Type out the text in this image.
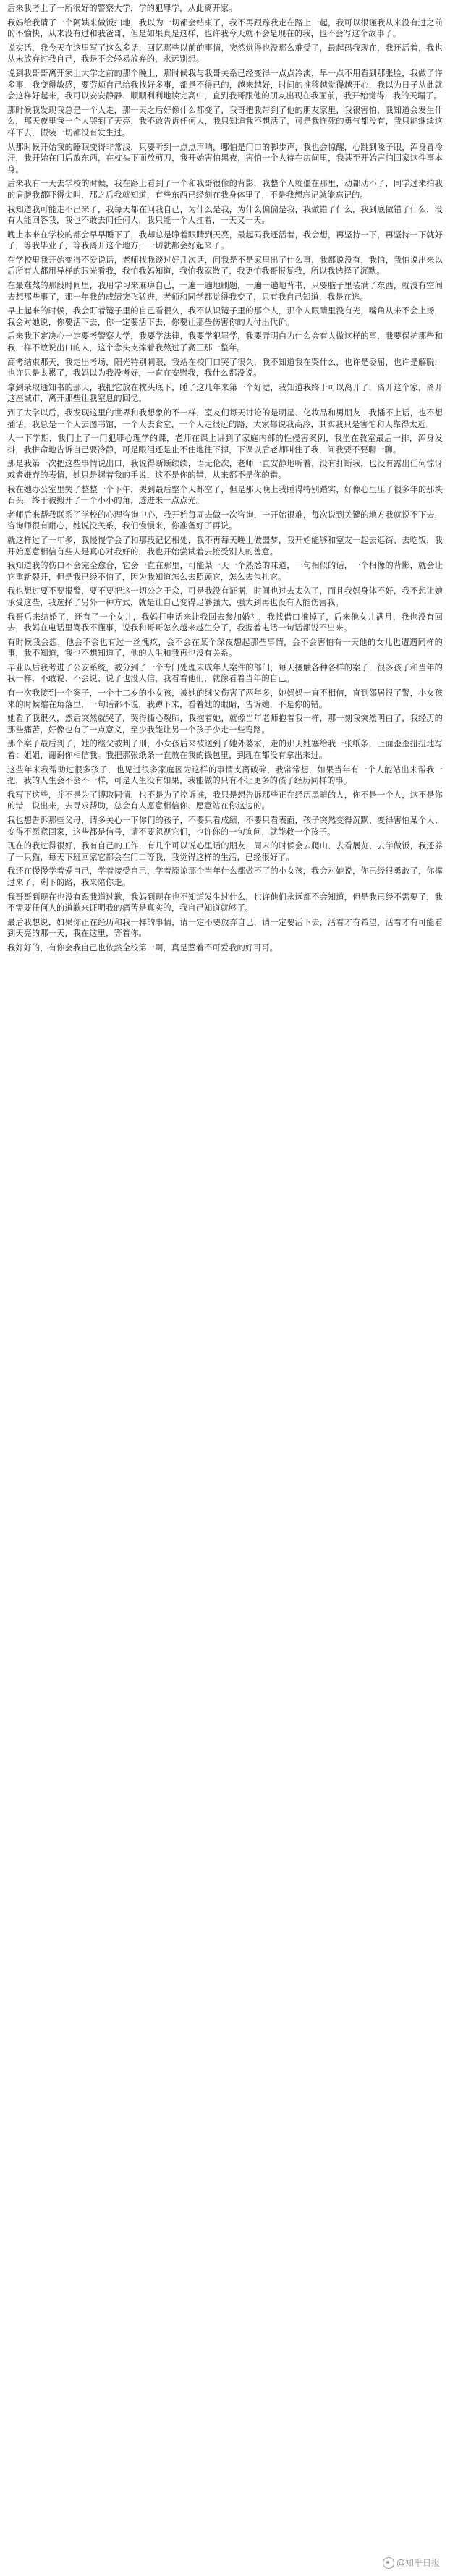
后来我考上了一所很好的警察大学，学的犯罪学，从此离开家。

我妈给我请了一个阿姨来做饭扫地，我以为一切都会结束了，我不再跟踪我走在路上一起，我可以很谨我从来没有过之前的不愉快，从来没有过和我爸哥，但是如果真是这样，也许我今天就不会是现在的我，也不会写这个故事了。

说实话，我今天在这里写了这么多话，回忆那些以前的事情，突然觉得也没那么难受了，最起码我现在，我还活着，我也从未放弃过我自己，我是不会轻易放弃的，永远别想。

说到我哥哥离开家上大学之前的那个晚上，那时候我与我哥关系已经变得一点点冷淡，早一点不用看到那张脸，我做了许多事，我变得敏感，要劳烦自己给我找好多事，都是不得已的，越来越好，时间的推移越觉得越开心，我以为日子从此就会这样好起来，我可以安安静静、顺顺利利地读完高中，直到我哥跟他的朋友出现在我面前，我开始觉得，我的天塌了。

那时候我发现我总是一个人走，那一天之后好像什么都变了，我哥把我带到了他的朋友家里，我很害怕，我知道会发生什么，那天夜里我一个人哭到了天亮，我不敢告诉任何人，我只知道我不想活了，可是我连死的勇气都没有，我只能继续这样下去，假装一切都没有发生过。

从那时候开始我的睡眠变得非常浅，只要听到一点点声响，哪怕是门口的脚步声，我也会惊醒，心跳到嗓子眼，浑身冒冷汗，我开始在门后放东西，在枕头下面放剪刀，我开始害怕黑夜，害怕一个人待在房间里，我甚至开始害怕回家这件事本身。

后来我有一天去学校的时候，我在路上看到了一个和我哥很像的背影，我整个人就僵在那里，动都动不了，同学过来拍我的肩膀我都吓得尖叫，那之后我就知道，有些东西已经刻在我身体里了，不是我想忘记就能忘记的。

我知道我可能走不出来了，我每天都在问我自己，为什么是我，为什么偏偏是我，我做错了什么，我到底做错了什么，没有人能回答我，我也不敢去问任何人，我只能一个人扛着，一天又一天。

晚上本来在学校的都会早早睡下了，我却总是睁着眼睛到天亮，最起码我还活着，我会想，再坚持一下，再坚持一下就好了，等我毕业了，等我离开这个地方，一切就都会好起来了。

在学校里我开始变得不爱说话，老师找我谈过好几次话，问我是不是家里出了什么事，我都说没有，我怕，我怕说出来以后所有人都用异样的眼光看我，我怕我妈知道，我怕我家散了，我更怕我哥报复我，所以我选择了沉默。

在最难熬的那段时间里，我用学习来麻痹自己，一遍一遍地刷题，一遍一遍地背书，只要脑子里装满了东西，就没有空间去想那些事了，那一年我的成绩突飞猛进，老师和同学都觉得我变了，只有我自己知道，我是在逃。

早上起来的时候，我会盯着镜子里的自己看很久，我不认识镜子里的那个人，那个人眼睛里没有光，嘴角从来不会上扬，我会对她说，你要活下去，你一定要活下去，你要让那些伤害你的人付出代价。

后来我下定决心一定要考警察大学，我要学法律，我要学犯罪学，我要弄明白为什么会有人做这样的事，我要保护那些和我一样不敢说出口的人，这个念头支撑着我熬过了高三那一整年。

高考结束那天，我走出考场，阳光特别刺眼，我站在校门口哭了很久，我不知道我在哭什么，也许是委屈，也许是解脱，也许只是太累了，我妈以为我没考好，一直在安慰我，我什么都没说。

拿到录取通知书的那天，我把它放在枕头底下，睡了这几年来第一个好觉，我知道我终于可以离开了，离开这个家，离开这座城市，离开那些让我窒息的回忆。

到了大学以后，我发现这里的世界和我想象的不一样，室友们每天讨论的是明星、化妆品和男朋友，我插不上话，也不想插话，我总是一个人去图书馆，一个人去食堂，一个人走很远的路，大家都说我高冷，其实我只是害怕和人靠得太近。

大一下学期，我们上了一门犯罪心理学的课，老师在课上讲到了家庭内部的性侵害案例，我坐在教室最后一排，浑身发抖，我拼命地告诉自己要冷静，可是眼泪还是止不住地往下掉，下课以后老师叫住了我，问我要不要聊一聊。

那是我第一次把这些事情说出口，我说得断断续续，语无伦次，老师一直安静地听着，没有打断我，也没有露出任何惊讶或者嫌弃的表情，她只是握着我的手说，这不是你的错，从来都不是你的错。

我在她办公室里哭了整整一个下午，哭到最后整个人都空了，但是那天晚上我睡得特别踏实，好像心里压了很多年的那块石头，终于被搬开了一个小小的角，透进来一点点光。

老师后来帮我联系了学校的心理咨询中心，我开始每周去做一次咨询，一开始很难，每次说到关键的地方我就说不下去，咨询师很有耐心，她说没关系，我们慢慢来，你准备好了再说。

就这样过了一年多，我慢慢学会了和那段记忆相处，我不再每天晚上做噩梦，我开始能够和室友一起去逛街、去吃饭，我开始愿意相信有些人是真心对我好的，我也开始尝试着去接受别人的善意。

我知道我的伤口不会完全愈合，它会一直在那里，可能某一天一个熟悉的味道，一句相似的话，一个相像的背影，就会让它重新裂开，但是我已经不怕了，因为我知道怎么去照顾它，怎么去包扎它。

我也想过要不要报警，要不要把这一切公之于众，可是我没有证据，时间也过去太久了，而且我妈身体不好，我不想让她承受这些，我选择了另外一种方式，就是让自己变得足够强大，强大到再也没有人能伤害我。

我哥后来结婚了，还有了一个女儿，我妈打电话来让我回去参加婚礼，我找借口推掉了，后来他女儿满月，我也没有回去，我妈在电话里骂我不懂事，说我和哥哥怎么越来越生分了，我握着电话一句话都说不出来。

有时候我会想，他会不会也有过一丝愧疚，会不会在某个深夜想起那些事情，会不会害怕有一天他的女儿也遭遇同样的事，我不知道，我也不想知道了，他的人生和我再也没有关系。

毕业以后我考进了公安系统，被分到了一个专门处理未成年人案件的部门，每天接触各种各样的案子，很多孩子和当年的我一样，不敢说、不会说、说了也没人信，我看着他们，就像看着当年的自己。

有一次我接到一个案子，一个十二岁的小女孩，被她的继父伤害了两年多，她妈妈一直不相信，直到邻居报了警，小女孩来的时候缩在角落里，一句话都不说，我蹲下来，看着她的眼睛，告诉她，不是你的错。

她看了我很久，然后突然就哭了，哭得撕心裂肺，我抱着她，就像当年老师抱着我一样，那一刻我突然明白了，我经历的那些痛苦，好像也有了一点意义，至少我能让另一个孩子少走一些弯路。

那个案子最后判了，她的继父被判了刑，小女孩后来被送到了她外婆家，走的那天她塞给我一张纸条，上面歪歪扭扭地写着：姐姐，谢谢你相信我。我把那张纸条一直放在我的钱包里，到现在都没有拿出来过。

这些年来我帮助过很多孩子，也见过很多家庭因为这样的事情支离破碎，我常常想，如果当年有一个人能站出来帮我一把，我的人生会不会不一样，可是人生没有如果，我能做的只有不让更多的孩子经历同样的事。

我写下这些，并不是为了博取同情，也不是为了控诉谁，我只是想告诉那些正在经历黑暗的人，你不是一个人，这不是你的错，说出来，去寻求帮助，总会有人愿意相信你、愿意站在你这边的。

我也想告诉那些父母，请多关心一下你们的孩子，不要只看成绩，不要只看表面，孩子突然变得沉默、变得害怕某个人、变得不愿意回家，这些都是信号，请不要忽视它们，也许你的一句询问，就能救一个孩子。

现在的我过得很好，我有自己的工作，有几个可以说心里话的朋友，周末的时候会去爬山、去看展览、去学做饭，我还养了一只猫，每天下班回家它都会在门口等我，我觉得这样的生活，已经很好了。

我还在慢慢学着爱自己，学着接受自己，学着原谅那个当年什么都做不了的小女孩，我会对她说，你已经很勇敢了，你撑过来了，剩下的路，我来陪你走。

我哥哥到现在也没有跟我道过歉，我妈到现在也不知道发生过什么，也许他们永远都不会知道，但是我已经不需要了，我不需要任何人的道歉来证明我的痛苦是真实的，我自己知道就够了。

最后我想说，如果你正在经历和我一样的事情，请一定不要放弃自己，请一定要活下去，活着才有希望，活着才有可能看到天亮的那一天，我在这里，等着你。

我好好的，有你会我自己也依然全校第一啊，真是惹着不可爱我的好哥哥。

@知乎日报
